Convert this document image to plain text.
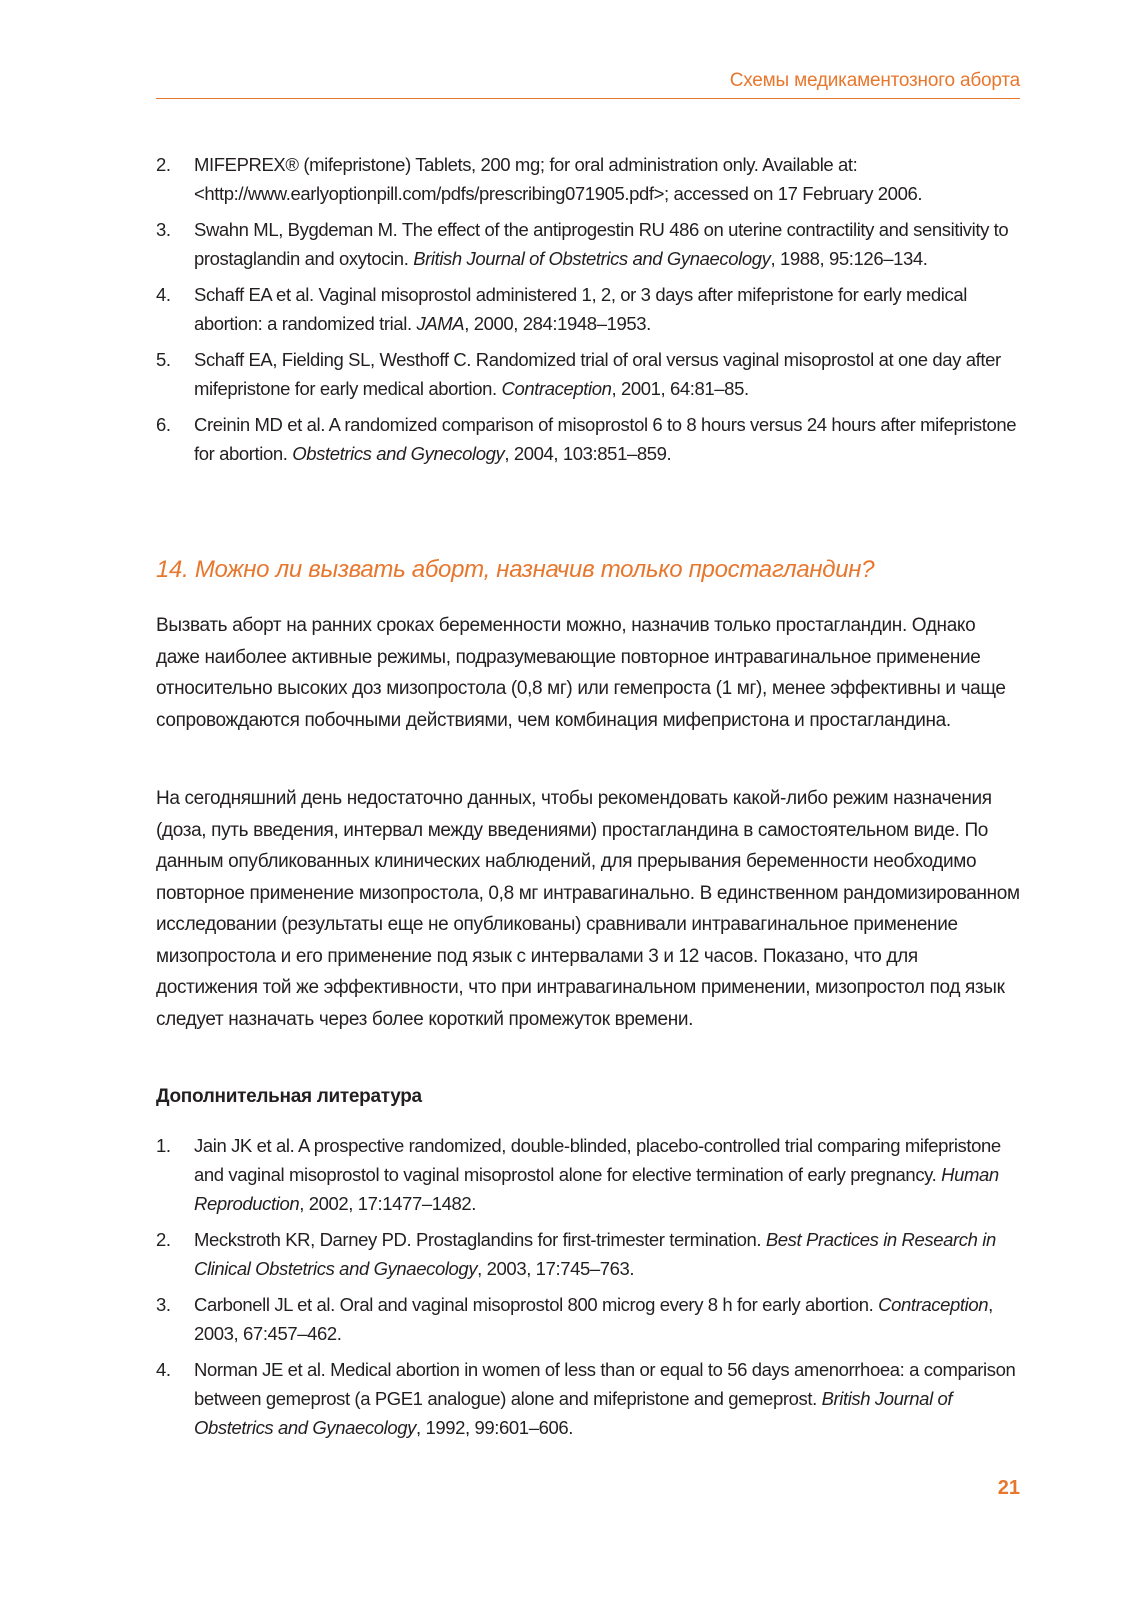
Схемы медикаментозного аборта
2.	MIFEPREX® (mifepristone) Tablets, 200 mg; for oral administration only. Available at: <http://www.earlyoptionpill.com/pdfs/prescribing071905.pdf>; accessed on 17 February 2006.
3.	Swahn ML, Bygdeman M. The effect of the antiprogestin RU 486 on uterine contractility and sensitivity to prostaglandin and oxytocin. British Journal of Obstetrics and Gynaecology, 1988, 95:126–134.
4.	Schaff EA et al. Vaginal misoprostol administered 1, 2, or 3 days after mifepristone for early medical abortion: a randomized trial. JAMA, 2000, 284:1948–1953.
5.	Schaff EA, Fielding SL, Westhoff C. Randomized trial of oral versus vaginal misoprostol at one day after mifepristone for early medical abortion. Contraception, 2001, 64:81–85.
6.	Creinin MD et al. A randomized comparison of misoprostol 6 to 8 hours versus 24 hours after mifepristone for abortion. Obstetrics and Gynecology, 2004, 103:851–859.
14. Можно ли вызвать аборт, назначив только простагландин?

Вызвать аборт на ранних сроках беременности можно, назначив только простагландин. Однако даже наиболее активные режимы, подразумевающие повторное интравагинальное применение относительно высоких доз мизопростола (0,8 мг) или гемепроста (1 мг), менее эффективны и чаще сопровождаются побочными действиями, чем комбинация мифепристона и простагландина.

На сегодняшний день недостаточно данных, чтобы рекомендовать какой-либо режим назначения (доза, путь введения, интервал между введениями) простагландина в самостоятельном виде. По данным опубликованных клинических наблюдений, для прерывания беременности необходимо повторное применение мизопростола, 0,8 мг интравагинально. В единственном рандомизированном исследовании (результаты еще не опубликованы) сравнивали интравагинальное применение мизопростола и его применение под язык с интервалами 3 и 12 часов. Показано, что для достижения той же эффективности, что при интравагинальном применении, мизопростол под язык следует назначать через более короткий промежуток времени.

Дополнительная литература
1.	Jain JK et al. A prospective randomized, double-blinded, placebo-controlled trial comparing mifepristone and vaginal misoprostol to vaginal misoprostol alone for elective termination of early pregnancy. Human Reproduction, 2002, 17:1477–1482.
2.	Meckstroth KR, Darney PD. Prostaglandins for first-trimester termination. Best Practices in Research in Clinical Obstetrics and Gynaecology, 2003, 17:745–763.
3.	Carbonell JL et al. Oral and vaginal misoprostol 800 microg every 8 h for early abortion. Contraception, 2003, 67:457–462.
4.	Norman JE et al. Medical abortion in women of less than or equal to 56 days amenorrhoea: a comparison between gemeprost (a PGE1 analogue) alone and mifepristone and gemeprost. British Journal of Obstetrics and Gynaecology, 1992, 99:601–606.
21
